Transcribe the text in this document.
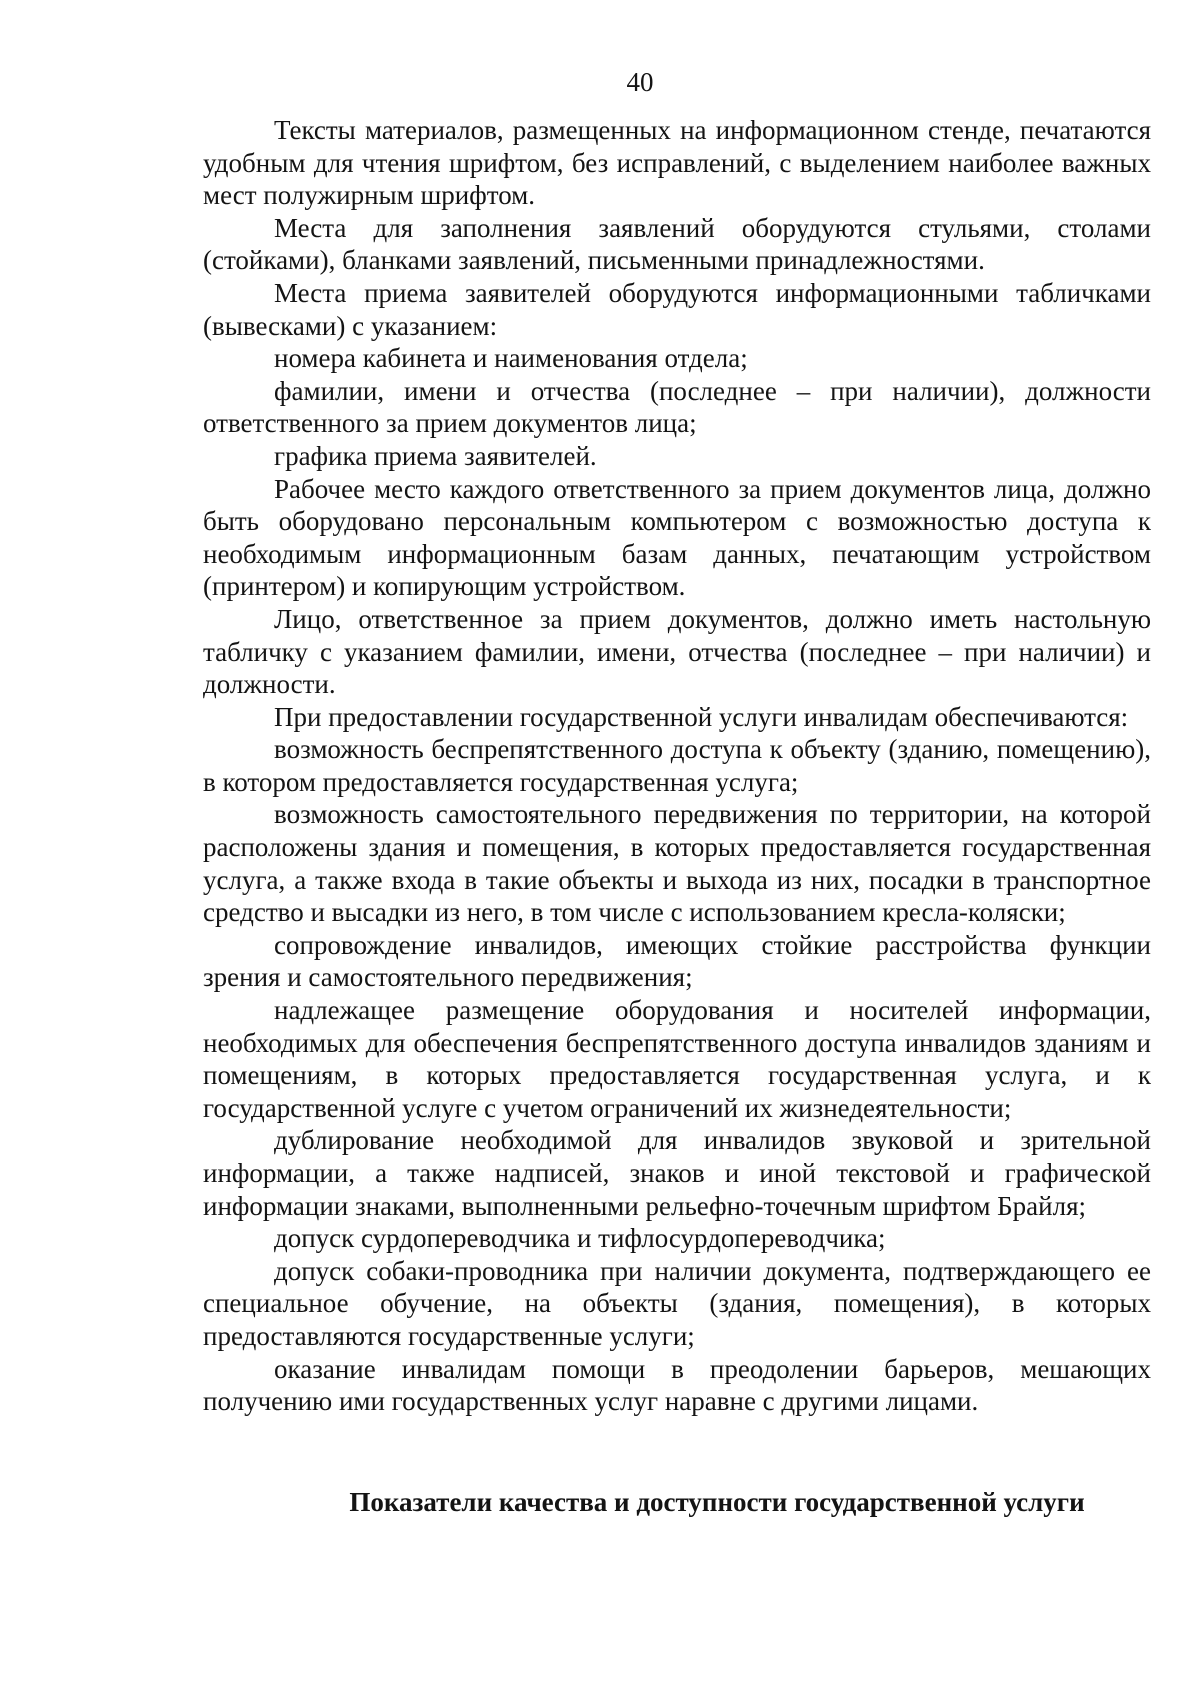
40

Тексты материалов, размещенных на информационном стенде, печатаются удобным для чтения шрифтом, без исправлений, с выделением наиболее важных мест полужирным шрифтом.

Места для заполнения заявлений оборудуются стульями, столами (стойками), бланками заявлений, письменными принадлежностями.

Места приема заявителей оборудуются информационными табличками (вывесками) с указанием:

номера кабинета и наименования отдела;

фамилии, имени и отчества (последнее – при наличии), должности ответственного за прием документов лица;

графика приема заявителей.

Рабочее место каждого ответственного за прием документов лица, должно быть оборудовано персональным компьютером с возможностью доступа к необходимым информационным базам данных, печатающим устройством (принтером) и копирующим устройством.

Лицо, ответственное за прием документов, должно иметь настольную табличку с указанием фамилии, имени, отчества (последнее – при наличии) и должности.

При предоставлении государственной услуги инвалидам обеспечиваются:

возможность беспрепятственного доступа к объекту (зданию, помещению), в котором предоставляется государственная услуга;

возможность самостоятельного передвижения по территории, на которой расположены здания и помещения, в которых предоставляется государственная услуга, а также входа в такие объекты и выхода из них, посадки в транспортное средство и высадки из него, в том числе с использованием кресла-коляски;

сопровождение инвалидов, имеющих стойкие расстройства функции зрения и самостоятельного передвижения;

надлежащее размещение оборудования и носителей информации, необходимых для обеспечения беспрепятственного доступа инвалидов зданиям и помещениям, в которых предоставляется государственная услуга, и к государственной услуге с учетом ограничений их жизнедеятельности;

дублирование необходимой для инвалидов звуковой и зрительной информации, а также надписей, знаков и иной текстовой и графической информации знаками, выполненными рельефно-точечным шрифтом Брайля;

допуск сурдопереводчика и тифлосурдопереводчика;

допуск собаки-проводника при наличии документа, подтверждающего ее специальное обучение, на объекты (здания, помещения), в которых предоставляются государственные услуги;

оказание инвалидам помощи в преодолении барьеров, мешающих получению ими государственных услуг наравне с другими лицами.

Показатели качества и доступности государственной услуги
